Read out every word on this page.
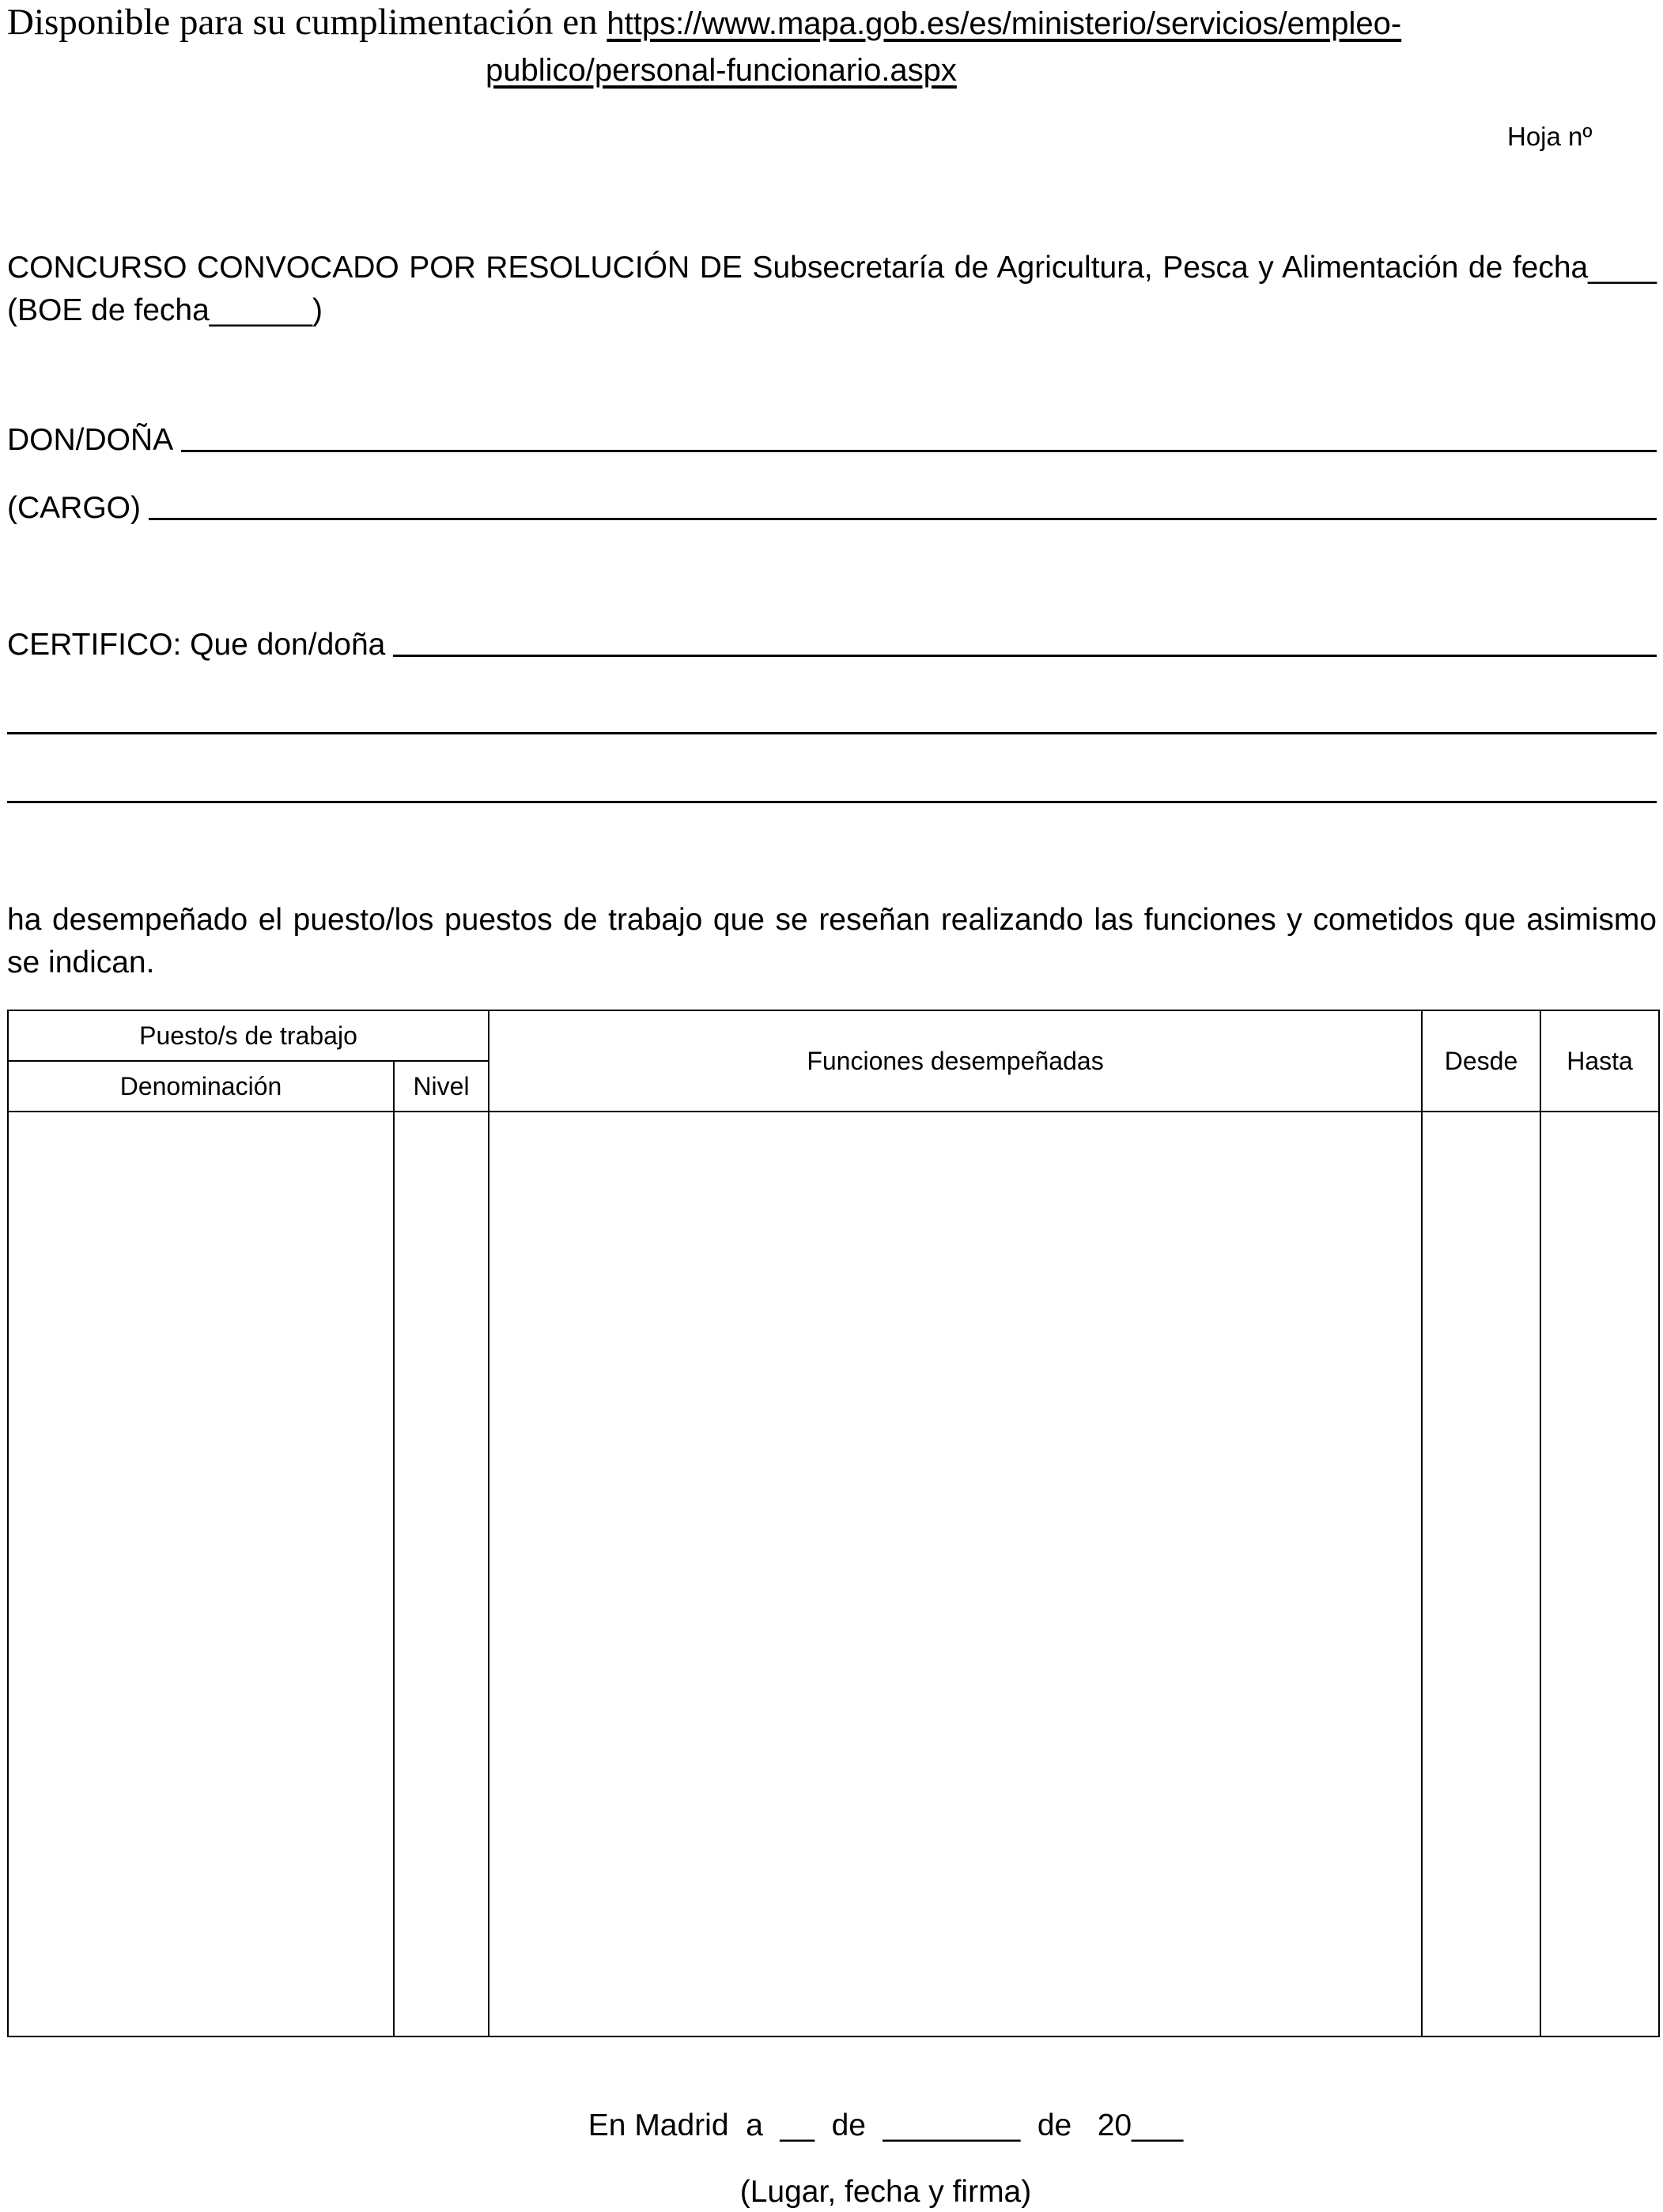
Disponible para su cumplimentación en https://www.mapa.gob.es/es/ministerio/servicios/empleo-
publico/personal-funcionario.aspx
Hoja nº
CONCURSO CONVOCADO POR RESOLUCIÓN DE Subsecretaría de Agricultura, Pesca y Alimentación de fecha____ (BOE de fecha______)
DON/DOÑA
(CARGO)
CERTIFICO: Que don/doña
ha desempeñado el puesto/los puestos de trabajo que se reseñan realizando las funciones y cometidos que asimismo se indican.
Puesto/s de trabajo		Funciones desempeñadas	Desde	Hasta
Denominación	Nivel			

En Madrid  a  __  de  ________  de   20___
(Lugar, fecha y firma)
